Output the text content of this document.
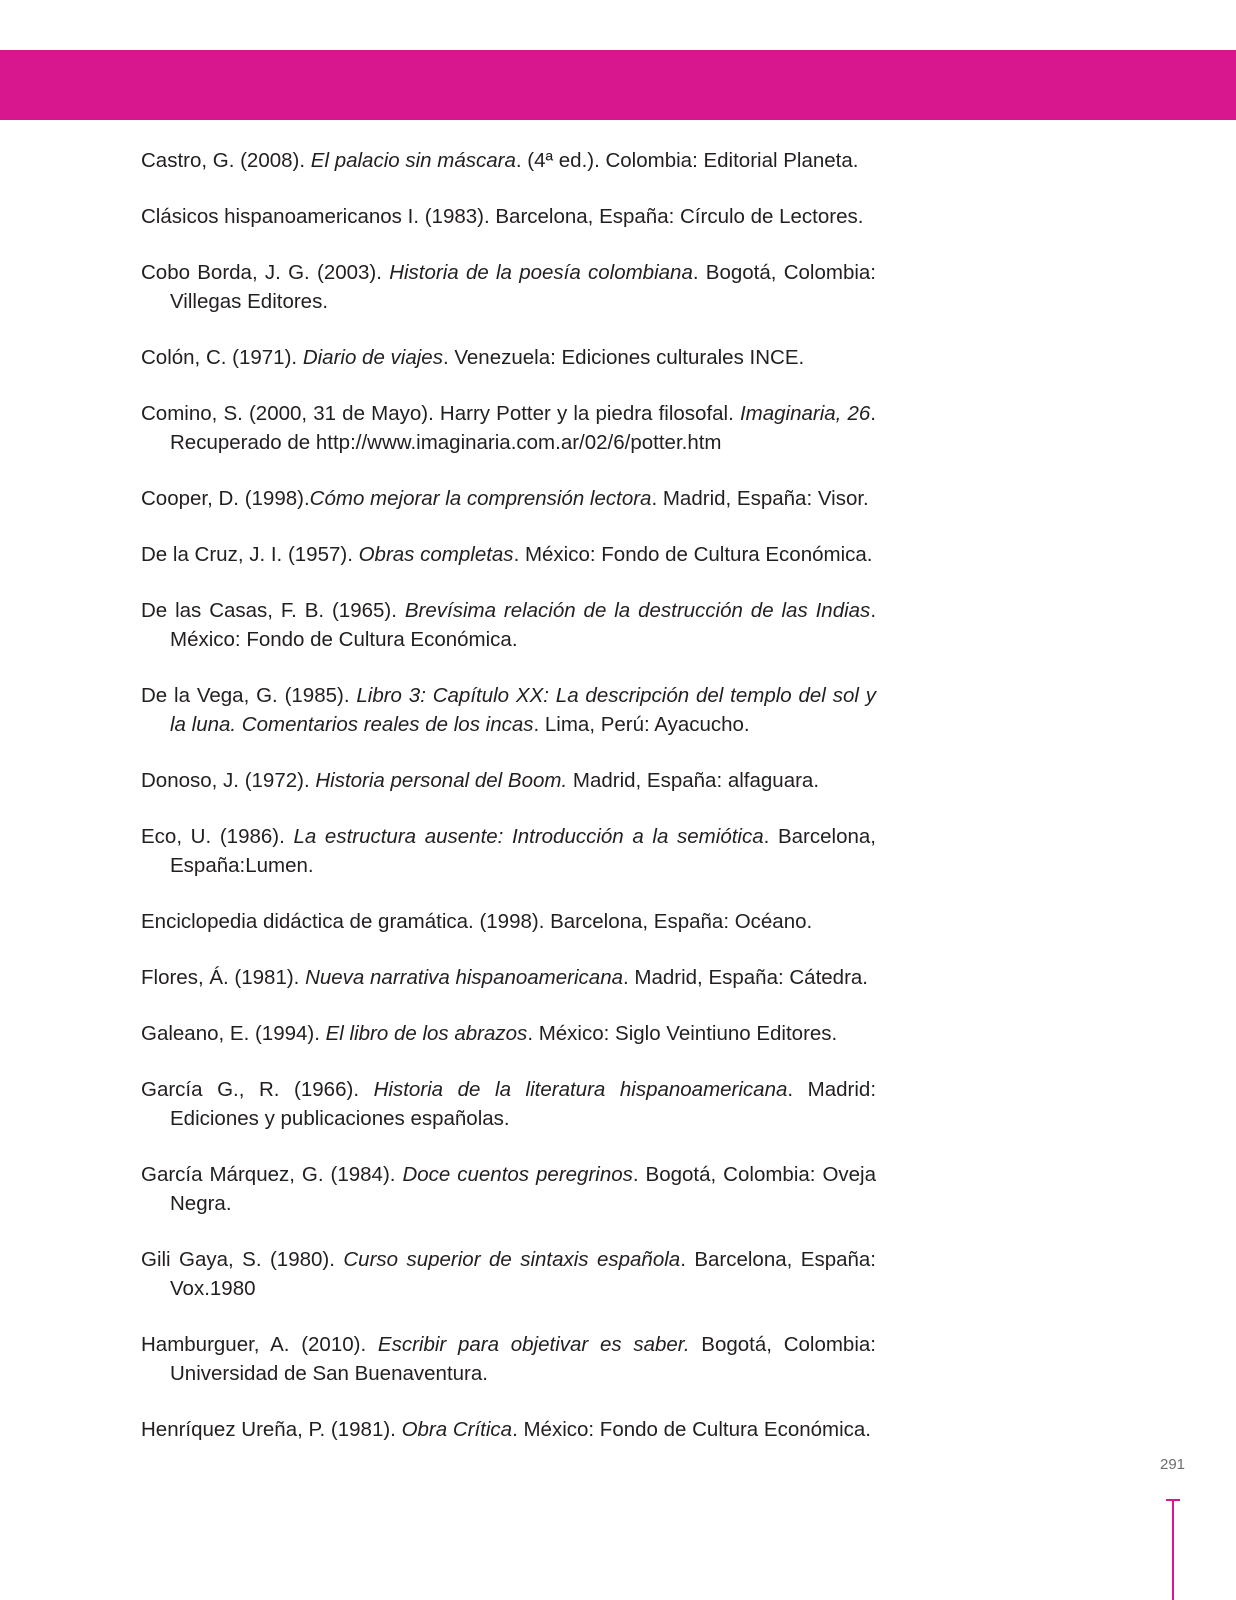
Castro, G. (2008). El palacio sin máscara. (4ª ed.). Colombia: Editorial Planeta.

Clásicos hispanoamericanos I. (1983). Barcelona, España: Círculo de Lectores.

Cobo Borda, J. G. (2003). Historia de la poesía colombiana. Bogotá, Colombia: Villegas Editores.

Colón, C. (1971). Diario de viajes. Venezuela: Ediciones culturales INCE.

Comino, S. (2000, 31 de Mayo). Harry Potter y la piedra filosofal. Imaginaria, 26. Recuperado de http://www.imaginaria.com.ar/02/6/potter.htm

Cooper, D. (1998).Cómo mejorar la comprensión lectora. Madrid, España: Visor.

De la Cruz, J. I. (1957). Obras completas. México: Fondo de Cultura Económica.

De las Casas, F. B. (1965). Brevísima relación de la destrucción de las Indias. México: Fondo de Cultura Económica.

De la Vega, G. (1985). Libro 3: Capítulo XX: La descripción del templo del sol y la luna. Comentarios reales de los incas. Lima, Perú: Ayacucho.

Donoso, J. (1972). Historia personal del Boom. Madrid, España: alfaguara.

Eco, U. (1986). La estructura ausente: Introducción a la semiótica. Barcelona, España:Lumen.

Enciclopedia didáctica de gramática. (1998). Barcelona, España: Océano.

Flores, Á. (1981). Nueva narrativa hispanoamericana. Madrid, España: Cátedra.

Galeano, E. (1994). El libro de los abrazos. México: Siglo Veintiuno Editores.

García G., R. (1966). Historia de la literatura hispanoamericana. Madrid: Ediciones y publicaciones españolas.

García Márquez, G. (1984). Doce cuentos peregrinos. Bogotá, Colombia: Oveja Negra.

Gili Gaya, S. (1980). Curso superior de sintaxis española. Barcelona, España: Vox.1980

Hamburguer, A. (2010). Escribir para objetivar es saber. Bogotá, Colombia: Universidad de San Buenaventura.

Henríquez Ureña, P. (1981). Obra Crítica. México: Fondo de Cultura Económica.

291
